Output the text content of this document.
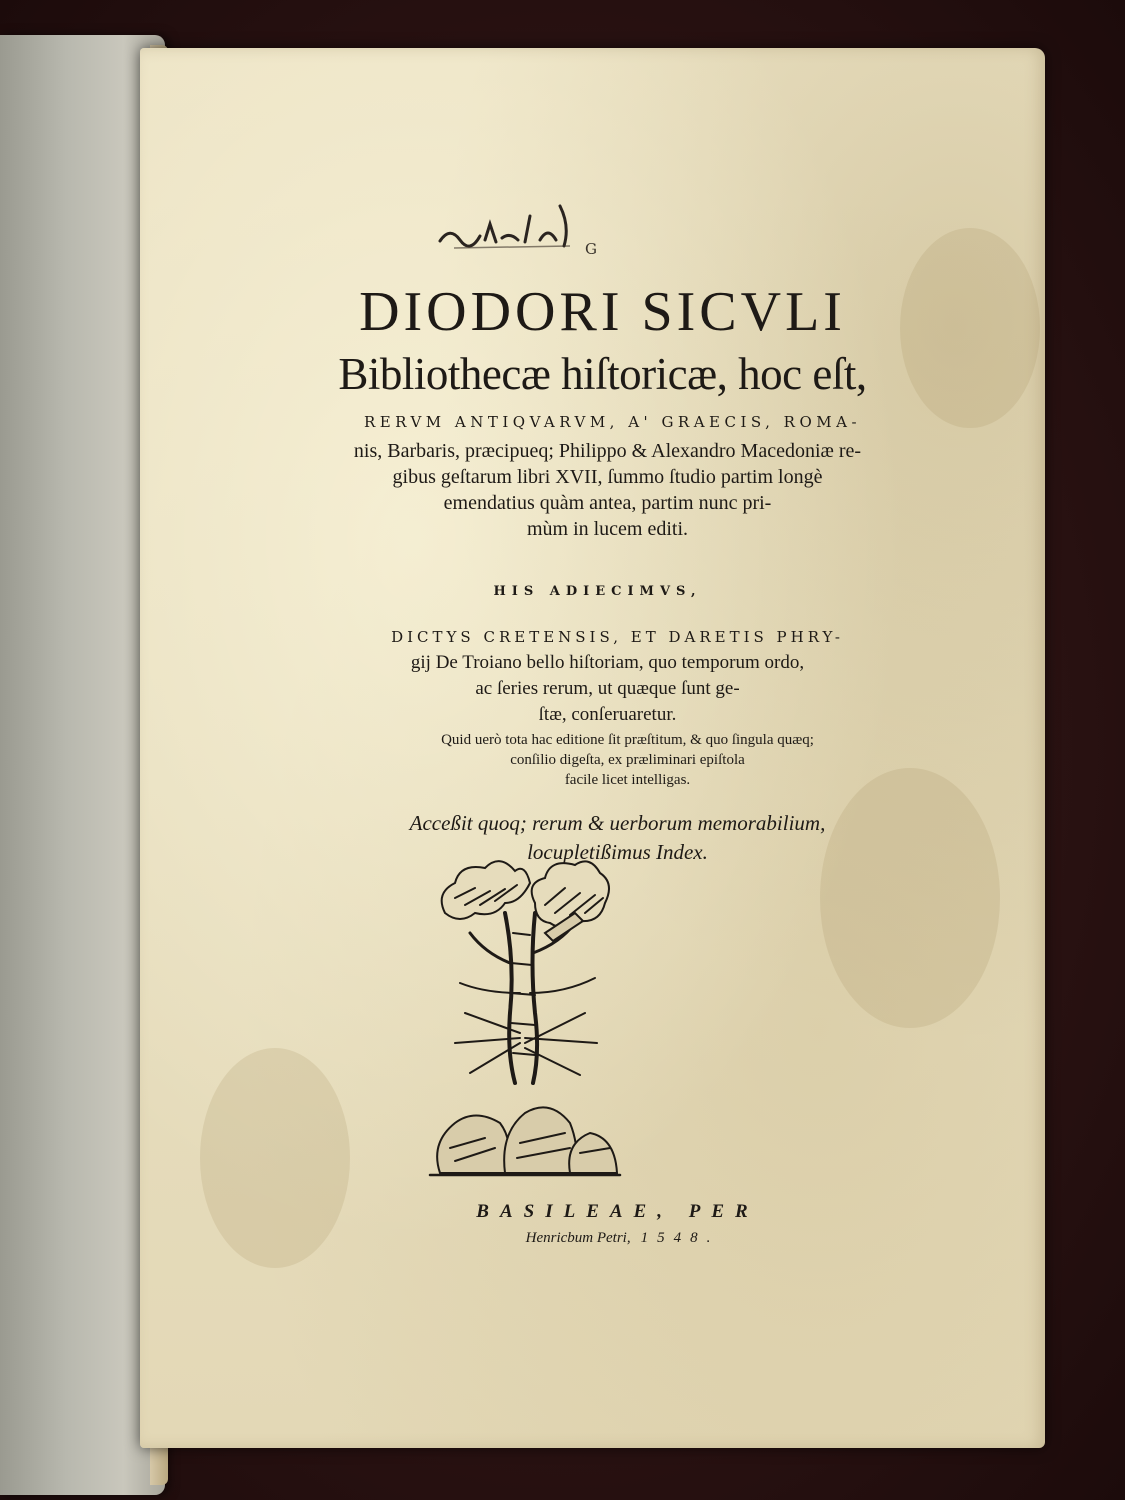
G
DIODORI SICVLI
Bibliothecæ hiſtoricæ, hoc eſt,
RERVM ANTIQVARVM, A' GRAECIS, ROMA-
nis, Barbaris, præcipueq; Philippo & Alexandro Macedoniæ re-
gibus geſtarum libri XVII, ſummo ſtudio partim longè
emendatius quàm antea, partim nunc pri-
mùm in lucem editi.
HIS ADIECIMVS,
DICTYS CRETENSIS, ET DARETIS PHRY-
gij De Troiano bello hiſtoriam, quo temporum ordo,
ac ſeries rerum, ut quæque ſunt ge-
ſtæ, conſeruaretur.
Quid uerò tota hac editione ſit præſtitum, & quo ſingula quæq;
conſilio digeſta, ex præliminari epiſtola
facile licet intelligas.
Acceßit quoq; rerum & uerborum memorabilium,
locupletißimus Index.
BASILEAE, PER
Henricbum Petri, 1548.
